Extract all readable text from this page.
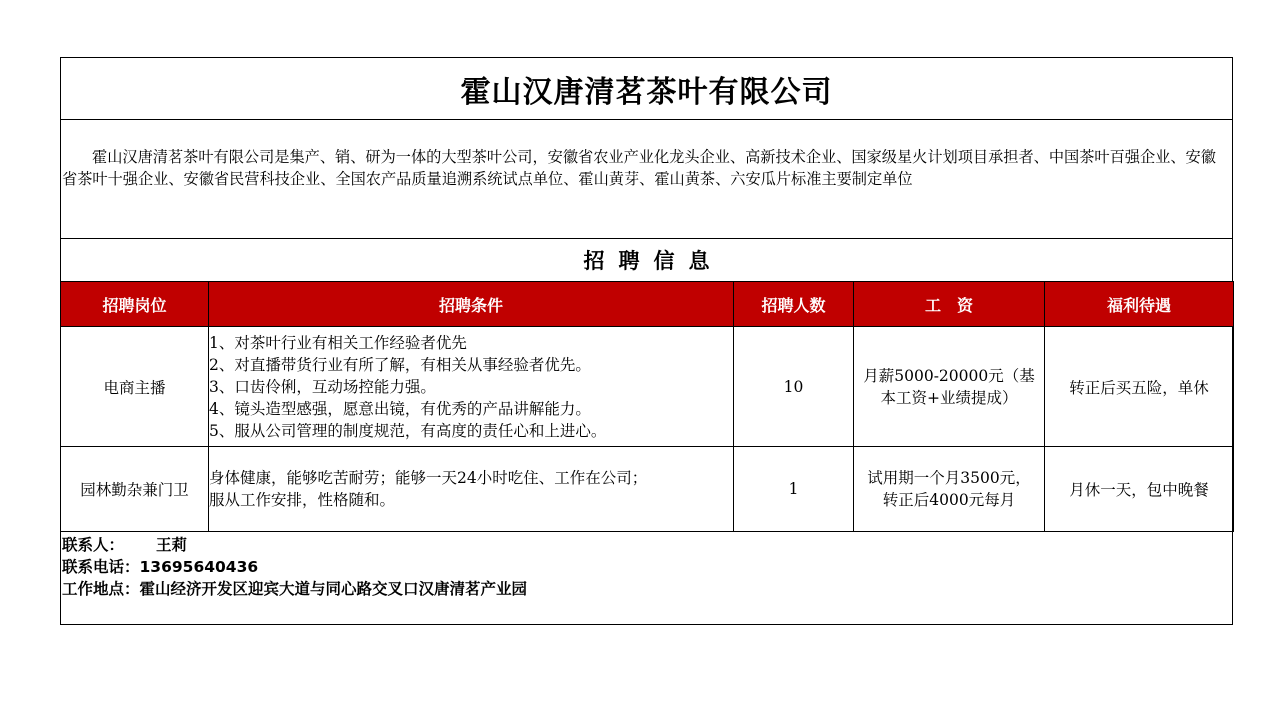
霍山汉唐清茗茶叶有限公司

霍山汉唐清茗茶叶有限公司是集产、销、研为一体的大型茶叶公司，安徽省农业产业化龙头企业、高新技术企业、国家级星火计划项目承担者、中国茶叶百强企业、安徽省茶叶十强企业、安徽省民营科技企业、全国农产品质量追溯系统试点单位、霍山黄芽、霍山黄茶、六安瓜片标准主要制定单位

招聘信息
招聘岗位	招聘条件	招聘人数	工　资	福利待遇
电商主播	1、对茶叶行业有相关工作经验者优先
2、对直播带货行业有所了解，有相关从事经验者优先。
3、口齿伶俐，互动场控能力强。
4、镜头造型感强，愿意出镜，有优秀的产品讲解能力。
5、服从公司管理的制度规范，有高度的责任心和上进心。	10	月薪5000-20000元（基
本工资+业绩提成）	转正后买五险，单休
园林勤杂兼门卫	身体健康，能够吃苦耐劳；能够一天24小时吃住、工作在公司；
服从工作安排，性格随和。	1	试用期一个月3500元，
转正后4000元每月	月休一天，包中晚餐
联系人： 王莉
联系电话：13695640436
工作地点：霍山经济开发区迎宾大道与同心路交叉口汉唐清茗产业园
